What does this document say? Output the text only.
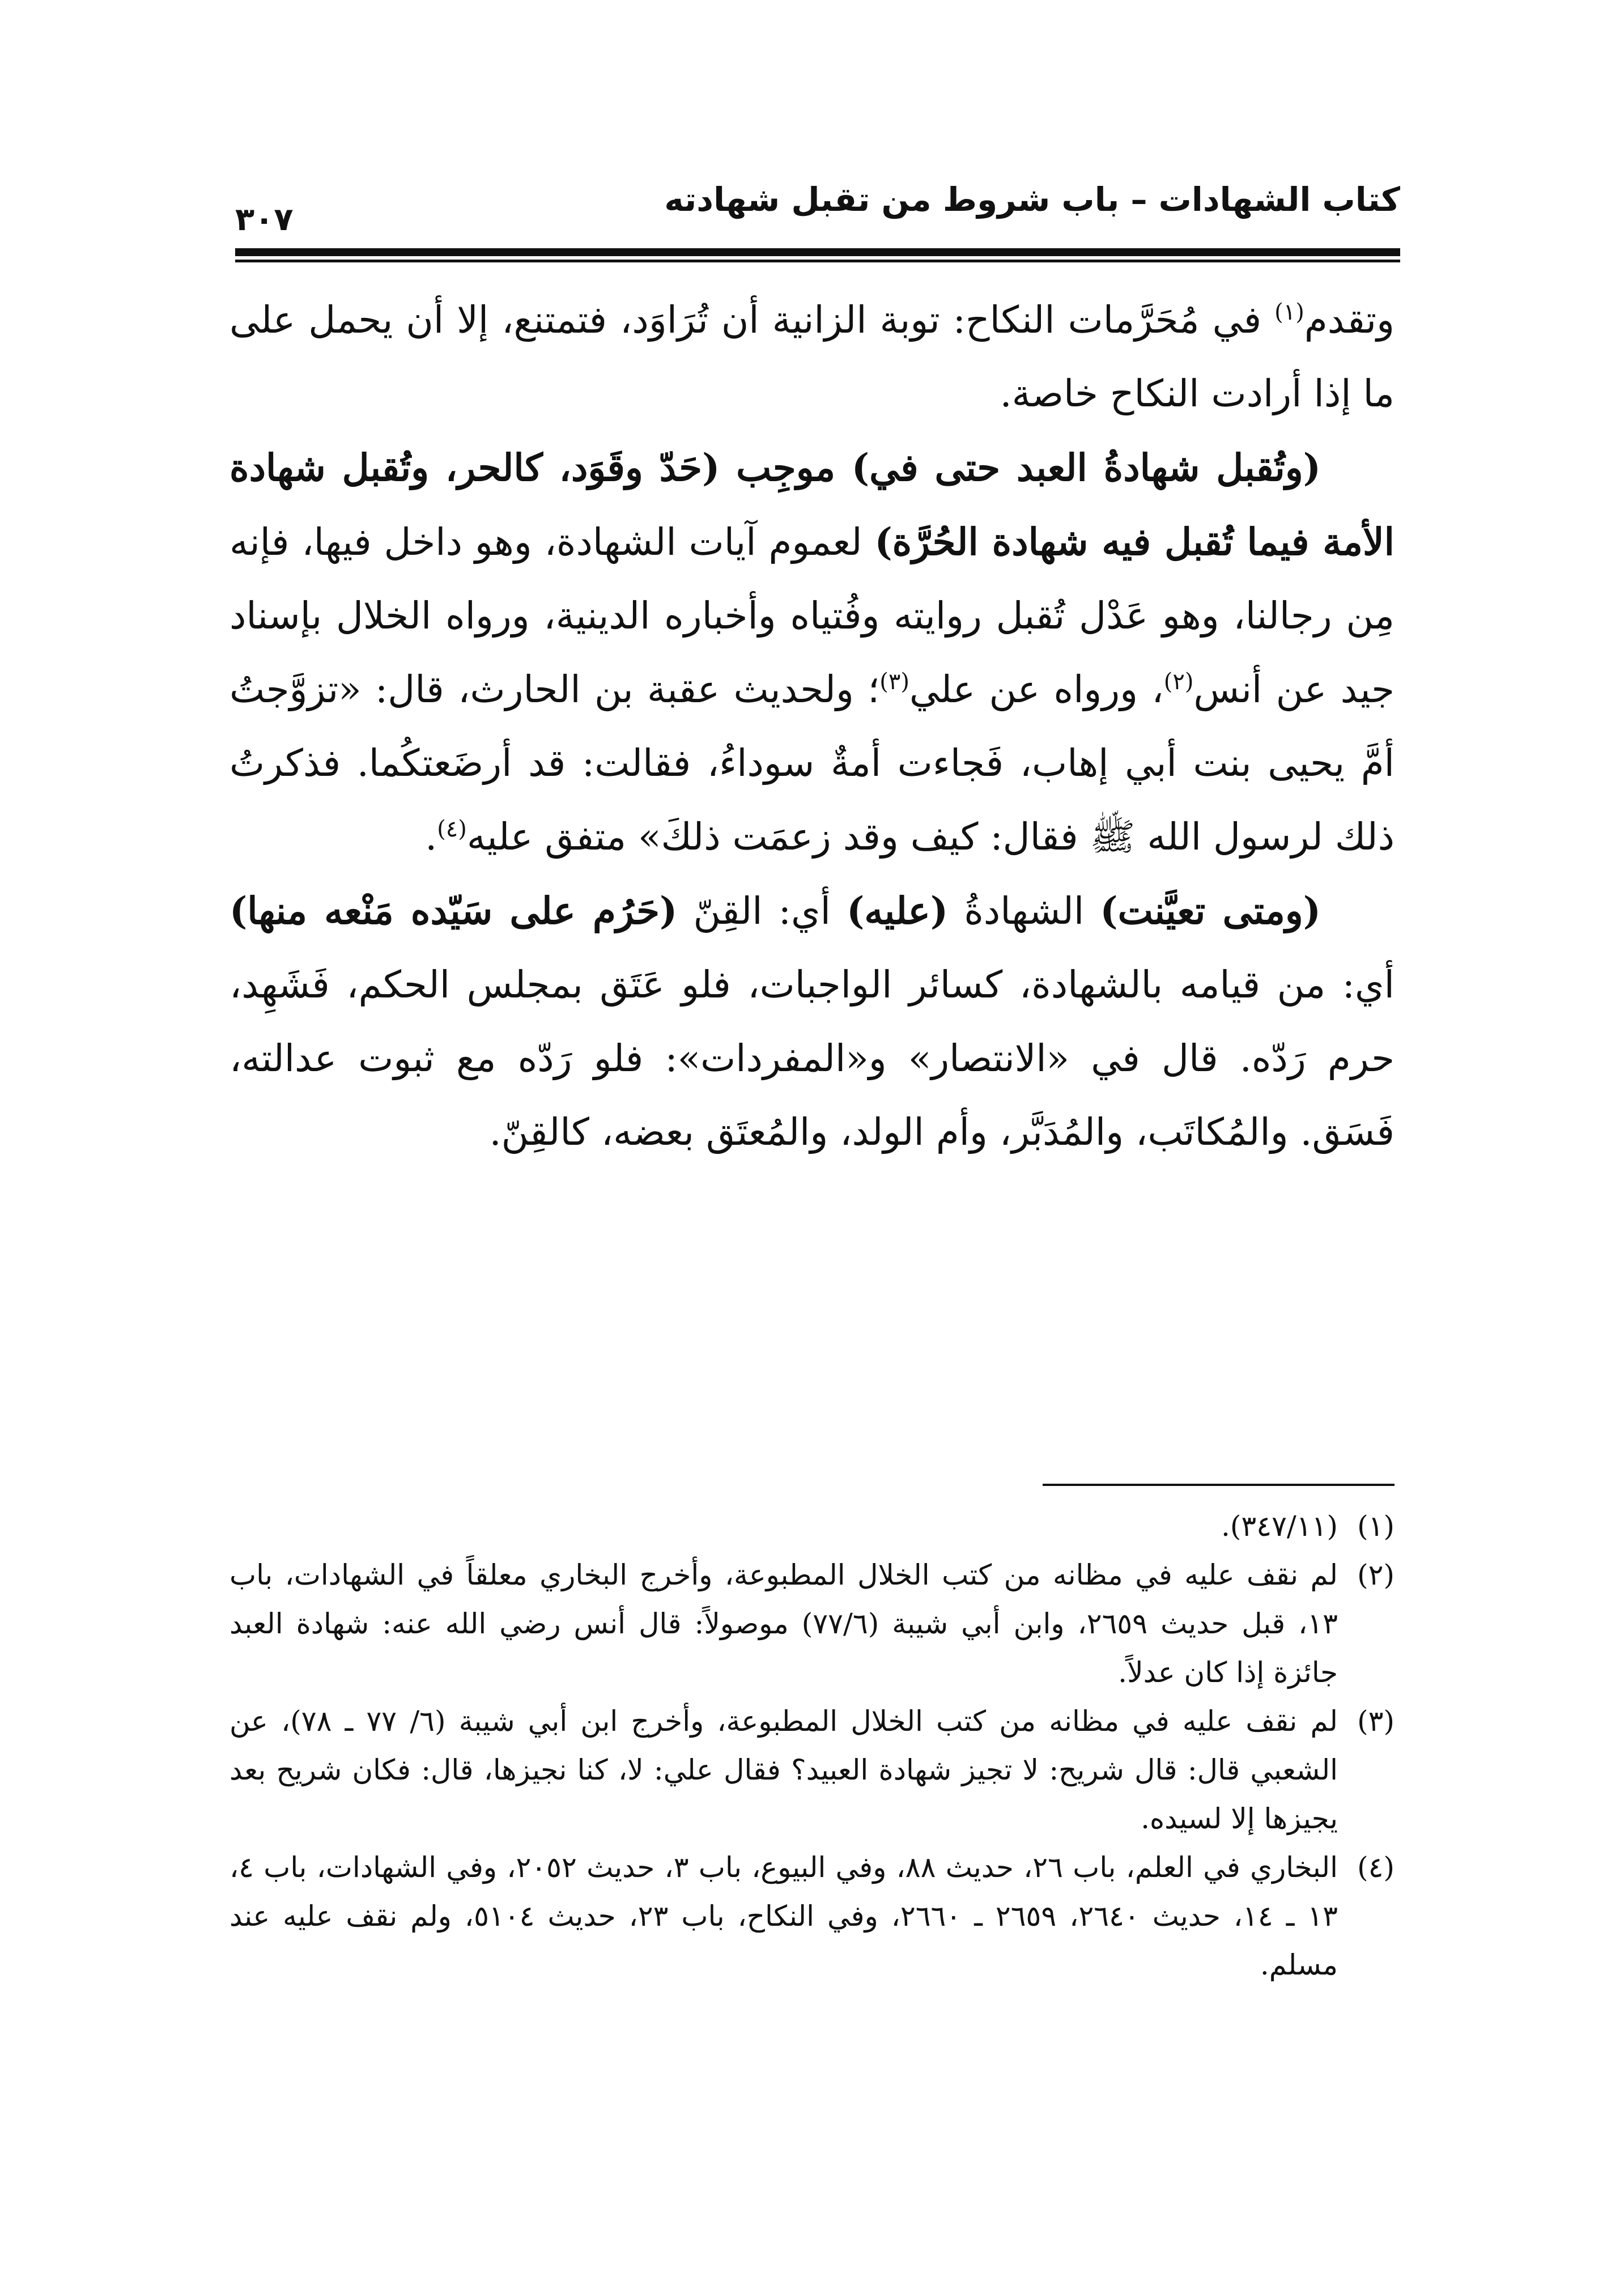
كتاب الشهادات – باب شروط من تقبل شهادته
٣٠٧

وتقدم$^{(١)}$ في مُحَرَّمات النكاح: توبة الزانية أن تُرَاوَد، فتمتنع، إلا أن يحمل على ما إذا أرادت النكاح خاصة.

(وتُقبل شهادةُ العبد حتى في) موجِب (حَدّ وقَوَد، كالحر، وتُقبل شهادة الأمة فيما تُقبل فيه شهادة الحُرَّة) لعموم آيات الشهادة، وهو داخل فيها، فإنه مِن رجالنا، وهو عَدْل تُقبل روايته وفُتياه وأخباره الدينية، ورواه الخلال بإسناد جيد عن أنس$^{(٢)}$، ورواه عن علي$^{(٣)}$؛ ولحديث عقبة بن الحارث، قال: «تزوَّجتُ أمَّ يحيى بنت أبي إهاب، فَجاءت أمةٌ سوداءُ، فقالت: قد أرضَعتكُما. فذكرتُ ذلك لرسول الله ﷺ فقال: كيف وقد زعمَت ذلكَ» متفق عليه$^{(٤)}$.

(ومتى تعيَّنت) الشهادةُ (عليه) أي: القِنّ (حَرُم على سَيّده مَنْعه منها) أي: من قيامه بالشهادة، كسائر الواجبات، فلو عَتَق بمجلس الحكم، فَشَهِد، حرم رَدّه. قال في «الانتصار» و«المفردات»: فلو رَدّه مع ثبوت عدالته، فَسَق. والمُكاتَب، والمُدَبَّر، وأم الولد، والمُعتَق بعضه، كالقِنّ.

(١)
(٣٤٧/١١).
(٢)
لم نقف عليه في مظانه من كتب الخلال المطبوعة، وأخرج البخاري معلقاً في الشهادات، باب ١٣، قبل حديث ٢٦٥٩، وابن أبي شيبة (٧٧/٦) موصولاً: قال أنس رضي الله عنه: شهادة العبد جائزة إذا كان عدلاً.
(٣)
لم نقف عليه في مظانه من كتب الخلال المطبوعة، وأخرج ابن أبي شيبة (٦/ ٧٧ ـ ٧٨)، عن الشعبي قال: قال شريح: لا تجيز شهادة العبيد؟ فقال علي: لا، كنا نجيزها، قال: فكان شريح بعد يجيزها إلا لسيده.
(٤)
البخاري في العلم، باب ٢٦، حديث ٨٨، وفي البيوع، باب ٣، حديث ٢٠٥٢، وفي الشهادات، باب ٤، ١٣ ـ ١٤، حديث ٢٦٤٠، ٢٦٥٩ ـ ٢٦٦٠، وفي النكاح، باب ٢٣، حديث ٥١٠٤، ولم نقف عليه عند مسلم.
